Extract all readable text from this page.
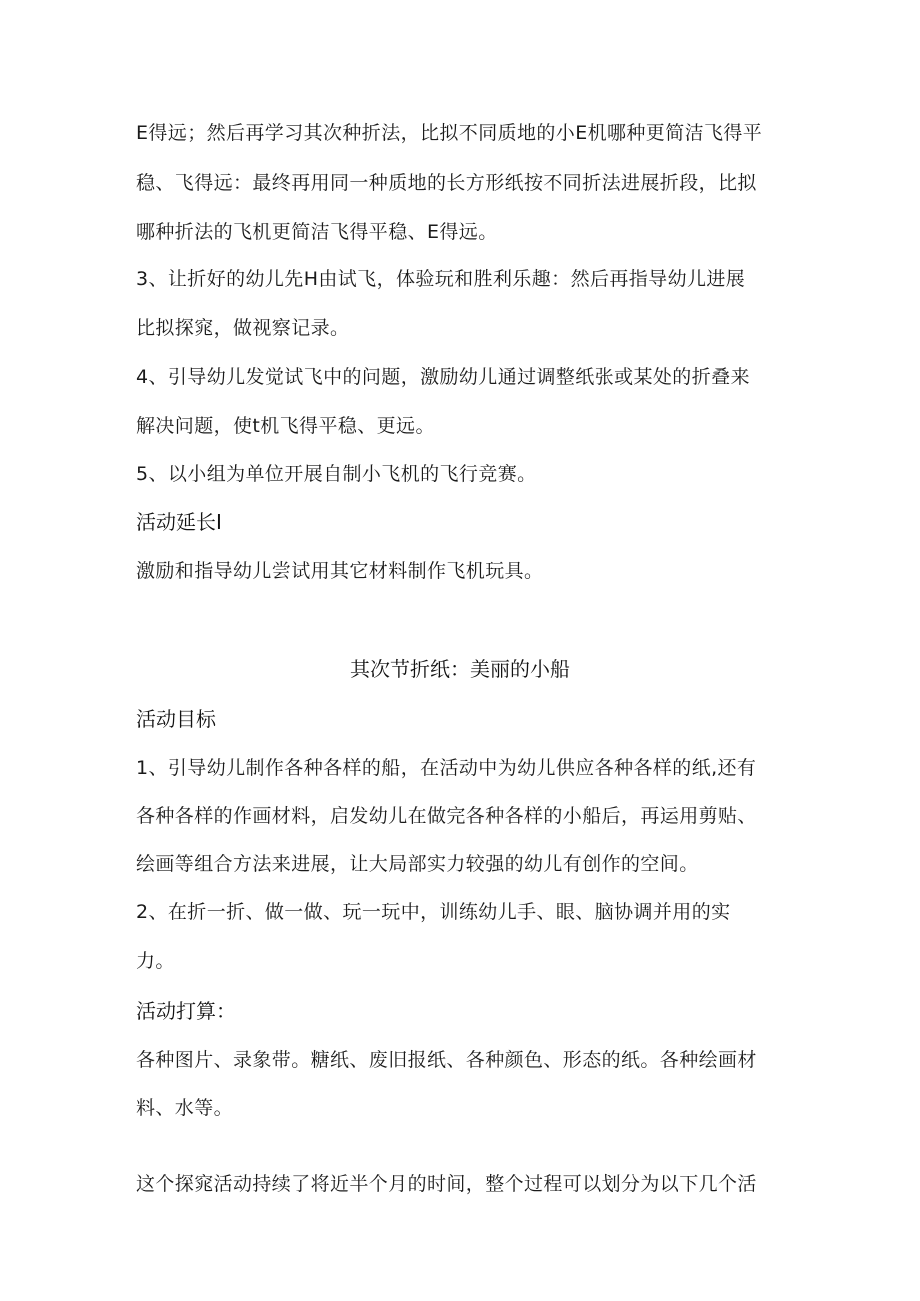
E得远；然后再学习其次种折法，比拟不同质地的小E机哪种更简洁飞得平
稳、飞得远：最终再用同一种质地的长方形纸按不同折法进展折段，比拟
哪种折法的飞机更简洁飞得平稳、E得远。
3、让折好的幼儿先H由试飞，体验玩和胜利乐趣：然后再指导幼儿进展
比拟探窕，做视察记录。
4、引导幼儿发觉试飞中的问题，激励幼儿通过调整纸张或某处的折叠来
解决问题，使t机飞得平稳、更远。
5、以小组为单位开展自制小飞机的飞行竞赛。
活动延长I
激励和指导幼儿尝试用其它材料制作飞机玩具。
其次节折纸：美丽的小船
活动目标
1、引导幼儿制作各种各样的船，在活动中为幼儿供应各种各样的纸,还有
各种各样的作画材料，启发幼儿在做完各种各样的小船后，再运用剪贴、
绘画等组合方法来进展，让大局部实力较强的幼儿有创作的空间。
2、在折一折、做一做、玩一玩中，训练幼儿手、眼、脑协调并用的实
力。
活动打算：
各种图片、录象带。糖纸、废旧报纸、各种颜色、形态的纸。各种绘画材
料、水等。
这个探窕活动持续了将近半个月的时间，整个过程可以划分为以下几个活
